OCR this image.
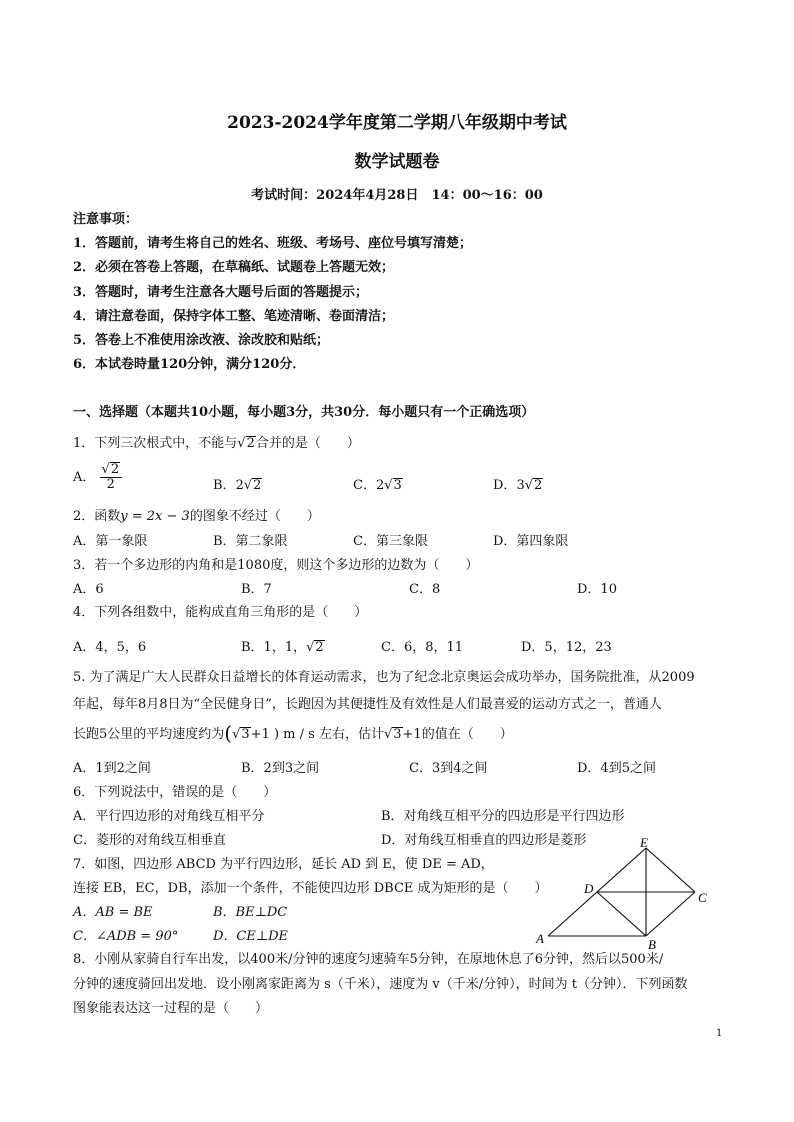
2023-2024学年度第二学期八年级期中考试
数学试题卷
考试时间：2024年4月28日　14：00～16：00
注意事项：
1．答题前，请考生将自己的姓名、班级、考场号、座位号填写清楚；
2．必须在答卷上答题，在草稿纸、试题卷上答题无效；
3．答题时，请考生注意各大题号后面的答题提示；
4．请注意卷面，保持字体工整、笔迹清晰、卷面清洁；
5．答卷上不准使用涂改液、涂改胶和贴纸；
6．本试卷時量120分钟，满分120分．
一、选择题（本题共10小题，每小题3分，共30分．每小题只有一个正确选项）
1．下列三次根式中，不能与√2合并的是（　　）
A． $\frac{√2}{2}$	B．2√2	C．2√3	D．3√2
2．函数y = 2x − 3的图象不经过（　　）
A．第一象限	B．第二象限	C．第三象限	D．第四象限
3．若一个多边形的内角和是1080度，则这个多边形的边数为（　　）
A．6	B．7	C．8	D．10
4．下列各组数中，能构成直角三角形的是（　　）
A．4，5，6	B．1，1，√2	C．6，8，11	D．5，12，23
5. 为了满足广大人民群众日益增长的体育运动需求，也为了纪念北京奥运会成功举办，国务院批准，从2009
年起，每年8月8日为“全民健身日”，长跑因为其便捷性及有效性是人们最喜爱的运动方式之一，普通人
长跑5公里的平均速度约为(√3+1 ) m / s 左右，估计√3+1的值在（　　）
A．1到2之间	B．2到3之间	C．3到4之间	D．4到5之间
6．下列说法中，错误的是（　　）
A．平行四边形的对角线互相平分	B．对角线互相平分的四边形是平行四边形
C．菱形的对角线互相垂直	D．对角线互相垂直的四边形是菱形
7．如图，四边形 ABCD 为平行四边形，延长 AD 到 E，使 DE = AD，
连接 EB，EC，DB，添加一个条件，不能使四边形 DBCE 成为矩形的是（　　）
A．AB = BE	B．BE⊥DC
C．∠ADB = 90°	D．CE⊥DE
E
D
C
A	B
8．小刚从家骑自行车出发，以400米/分钟的速度匀速骑车5分钟，在原地休息了6分钟，然后以500米/
分钟的速度骑回出发地．设小刚离家距离为 s（千米），速度为 v（千米/分钟），时间为 t（分钟）．下列函数
图象能表达这一过程的是（　　）
1
